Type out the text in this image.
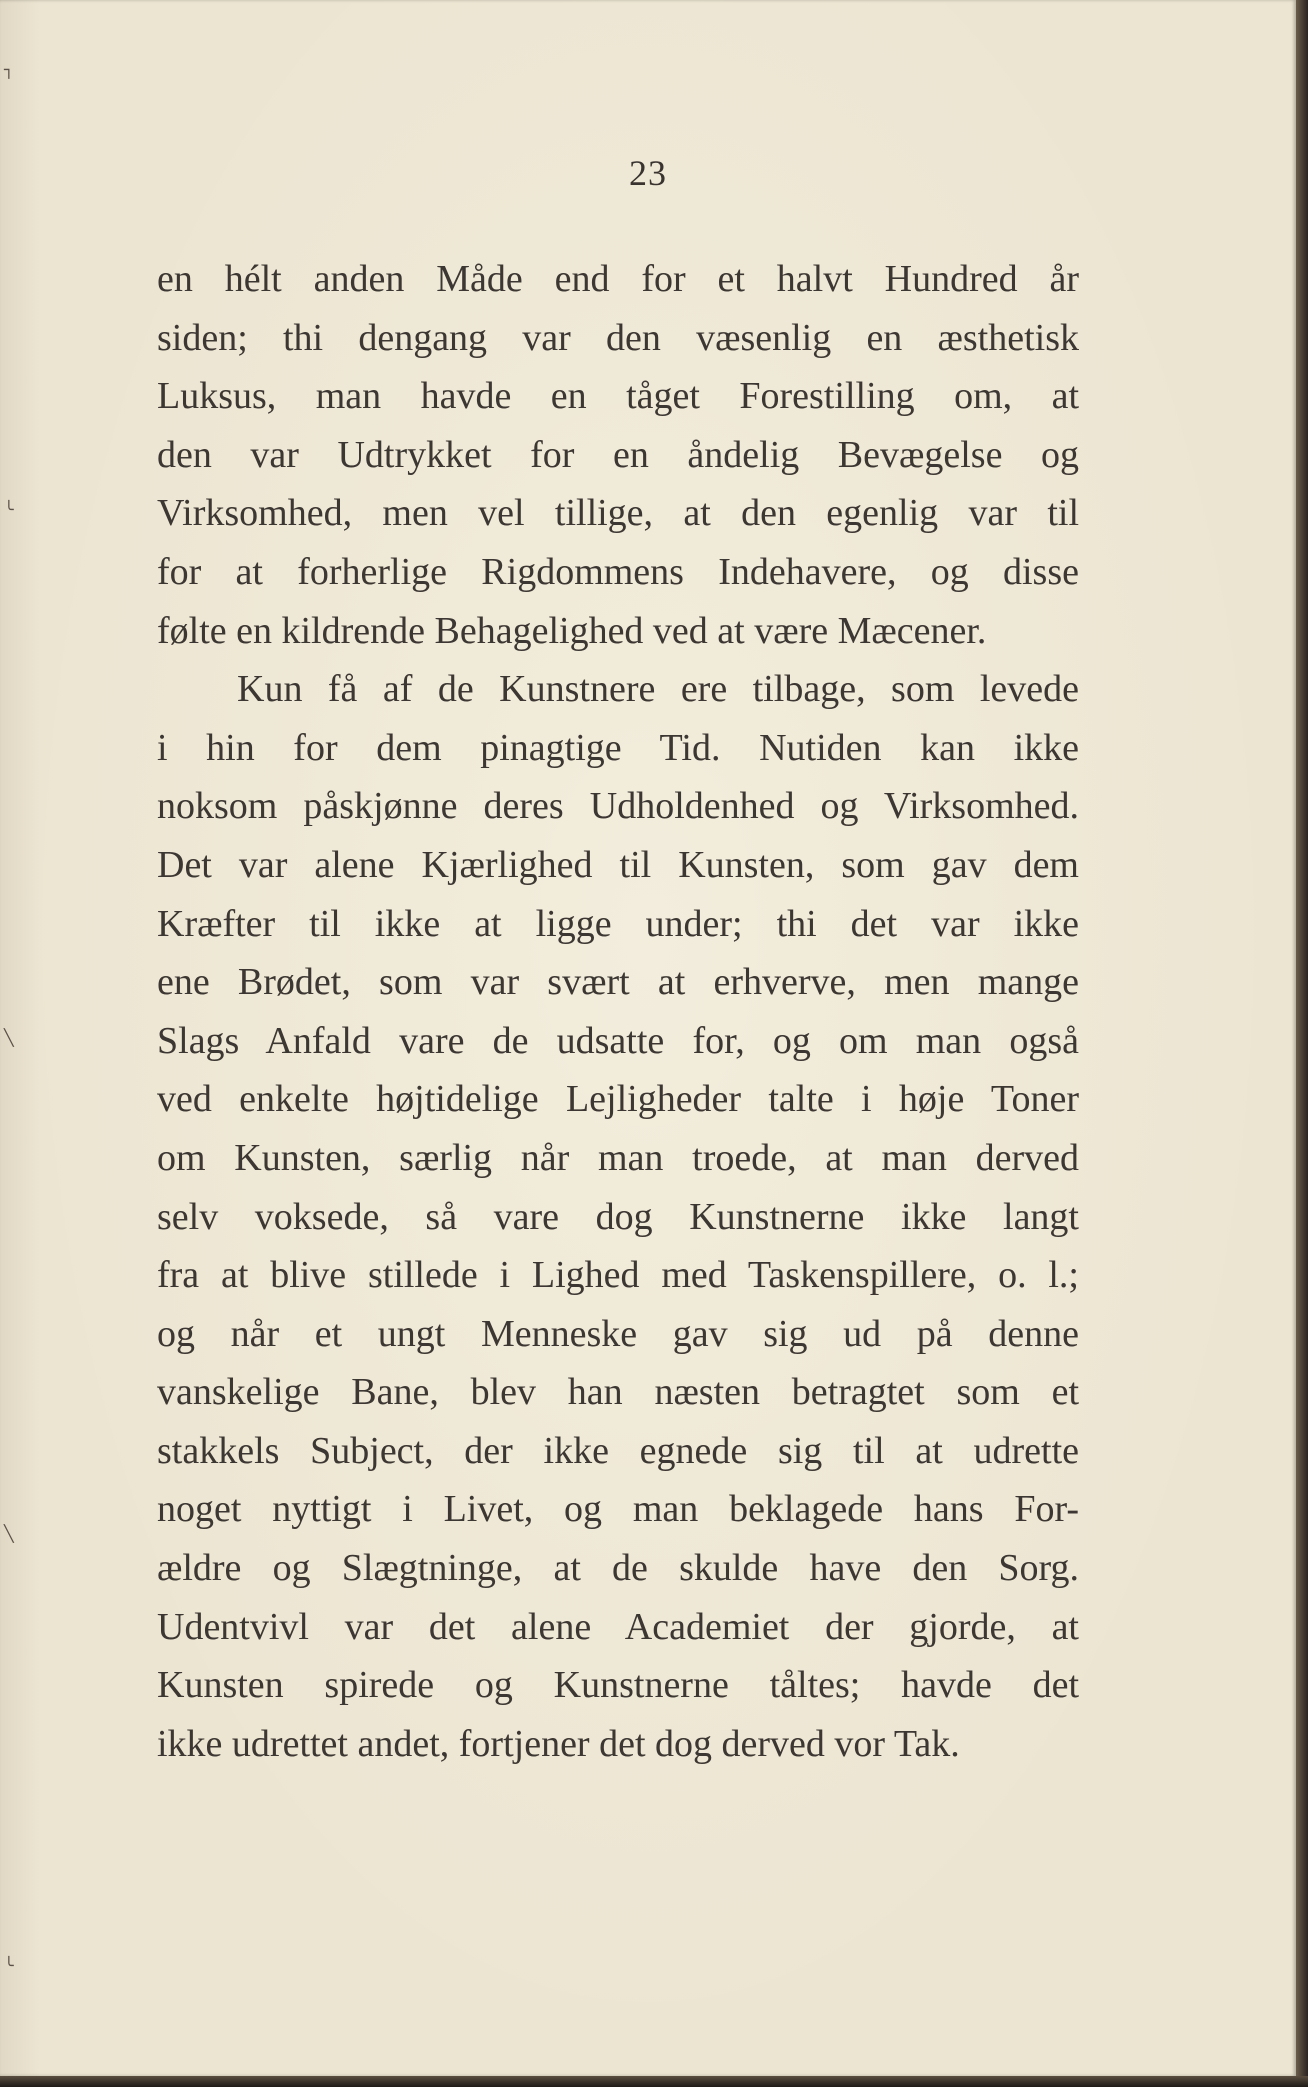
23
en hélt anden Måde end for et halvt Hundred år
siden; thi dengang var den væsenlig en æsthetisk
Luksus, man havde en tåget Forestilling om, at
den var Udtrykket for en åndelig Bevægelse og
Virksomhed, men vel tillige, at den egenlig var til
for at forherlige Rigdommens Indehavere, og disse
følte en kildrende Behagelighed ved at være Mæcener.
Kun få af de Kunstnere ere tilbage, som levede
i hin for dem pinagtige Tid. Nutiden kan ikke
noksom påskjønne deres Udholdenhed og Virksomhed.
Det var alene Kjærlighed til Kunsten, som gav dem
Kræfter til ikke at ligge under; thi det var ikke
ene Brødet, som var svært at erhverve, men mange
Slags Anfald vare de udsatte for, og om man også
ved enkelte højtidelige Lejligheder talte i høje Toner
om Kunsten, særlig når man troede, at man derved
selv voksede, så vare dog Kunstnerne ikke langt
fra at blive stillede i Lighed med Taskenspillere, o. l.;
og når et ungt Menneske gav sig ud på denne
vanskelige Bane, blev han næsten betragtet som et
stakkels Subject, der ikke egnede sig til at udrette
noget nyttigt i Livet, og man beklagede hans For-
ældre og Slægtninge, at de skulde have den Sorg.
Udentvivl var det alene Academiet der gjorde, at
Kunsten spirede og Kunstnerne tåltes; havde det
ikke udrettet andet, fortjener det dog derved vor Tak.
┐
╰
╲
╲
╰
